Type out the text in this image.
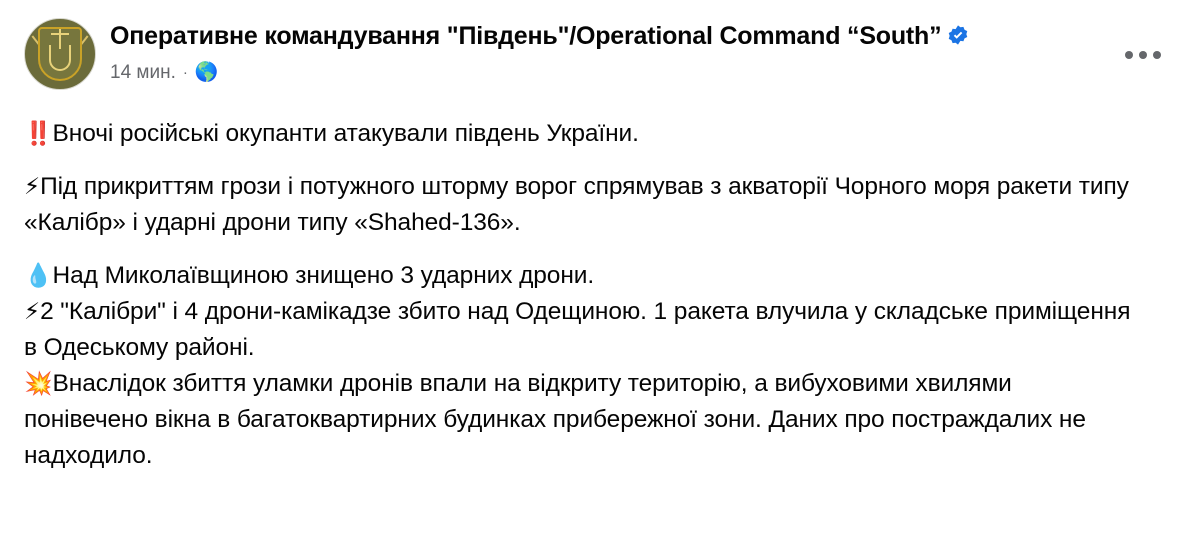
Оперативне командування "Південь"/Operational Command “South”
14 мин. · 🌎

‼️Вночі російські окупанти атакували південь України.

⚡Під прикриттям грози і потужного шторму ворог спрямував з акваторії Чорного моря ракети типу «Калібр» і ударні дрони типу «Shahed-136».

💧Над Миколаївщиною знищено 3 ударних дрони.

⚡2 "Калібри" і 4 дрони-камікадзе збито над Одещиною. 1 ракета влучила у складське приміщення в Одеському районі.

💥Внаслідок збиття уламки дронів впали на відкриту територію, а вибуховими хвилями понівечено вікна в багатоквартирних будинках прибережної зони. Даних про постраждалих не надходило.
